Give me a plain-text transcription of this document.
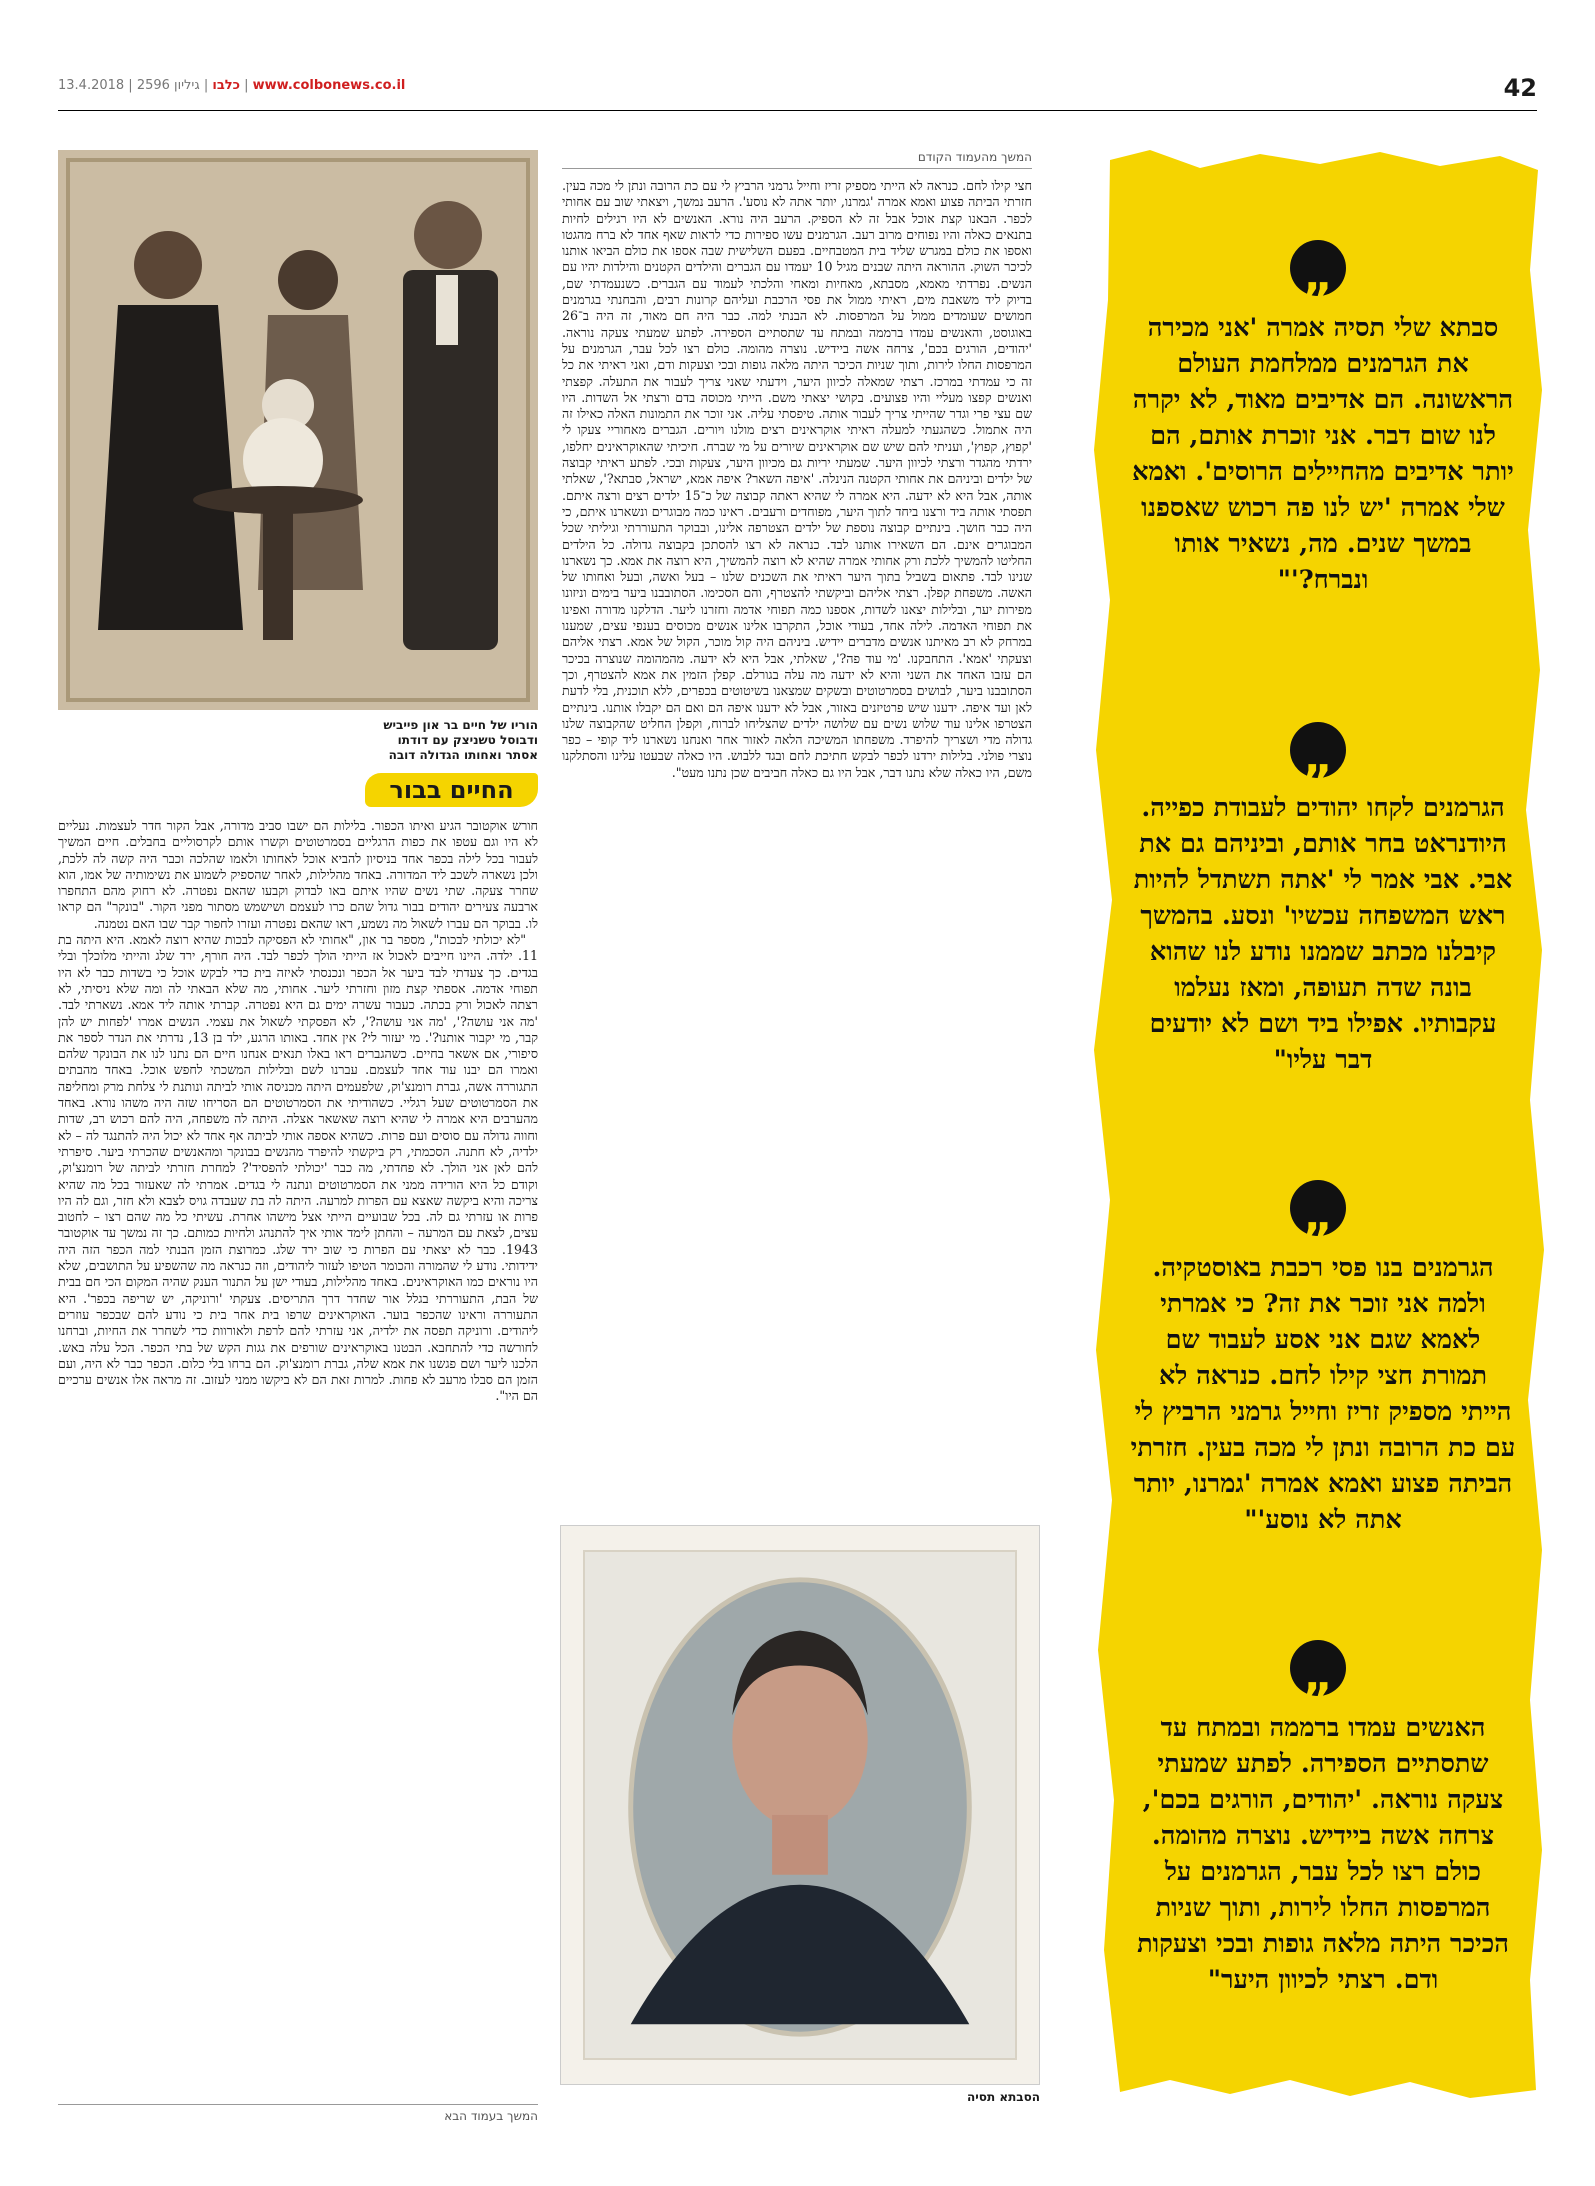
www.colbonews.co.il | כלבו | גיליון 2596 | 13.4.2018	42
הוריו של חיים בר און פייביש
ודבוסל טשניצק עם דודתו
אסתר ואחותו הגדולה דובה
החיים בבור

חורש אוקטובר הגיע ואיתו הכפור. בלילות הם ישבו סביב מדורה, אבל הקור חדר לעצמות. נעליים לא היו וגם עטפו את כפות הרגליים בסמרטוטים וקשרו אותם לקרסוליים בחבלים. חיים המשיך לעבור בכל לילה בכפר אחד בניסיון להביא אוכל לאחותו ולאמו שהלכה וכבר היה קשה לה ללכת, ולכן נשארה לשכב ליד המדורה. באחד מהלילות, לאחר שהספיק לשמוע את נשימותיה של אמו, הוא שחרר צעקה. שתי נשים שהיו איתם באו לבדוק וקבעו שהאם נפטרה. לא רחוק מהם התחפרו ארבעה צעירים יהודים בבור גדול שהם כרו לעצמם ושישמש מסתור מפני הקור. "בונקר" הם קראו לו. בבוקר הם עברו לשאול מה נשמע, ראו שהאם נפטרה ועזרו לחפור קבר שבו האם נטמנה.

"לא יכולתי לבכות", מספר בר און, "אחותי לא הפסיקה לבכות שהיא רוצה לאמא. היא היתה בת 11. ילדה. היינו חייבים לאכול אז הייתי הולך לכפר לבד. היה חורף, ירד שלג והייתי מלוכלך ובלי בגדים. כך צעדתי לבד ביער אל הכפר ונכנסתי לאיזה בית כדי לבקש אוכל כי בשדות כבר לא היו תפוחי אדמה. אספתי קצת מזון וחזרתי ליער. אחותי, מה שלא הבאתי לה ומה שלא ניסיתי, לא רצתה לאכול ורק בכתה. כעבור עשרה ימים גם היא נפטרה. קברתי אותה ליד אמא. נשארתי לבד. 'מה אני עושה?', 'מה אני עושה?', לא הפסקתי לשאול את עצמי. הנשים אמרו 'לפחות יש להן קבר, מי יקבור אותנו?'. מי יעזור לי? אין אחד. באותו הרגע, ילד בן 13, נדרתי את הנדר לספר את סיפורי, אם אשאר בחיים. כשהגברים ראו באלו תנאים אנחנו חיים הם נתנו לנו את הבונקר שלהם ואמרו הם יבנו עוד אחד לעצמם. עברנו לשם ובלילות המשכתי לחפש אוכל. באחד מהבתים התגוררה אשה, גברת רומנצ'וק, שלפעמים היתה מכניסה אותי לביתה ונותנת לי צלחת מרק ומחליפה את הסמרטוטים שעל רגליי. כשהודיתי את הסמרטוטים הם הסריחו שזה היה משהו נורא. באחד מהערבים היא אמרה לי שהיא רוצה שאשאר אצלה. היתה לה משפחה, היה להם רכוש רב, שדות וחווה גדולה עם סוסים ועם פרות. כשהיא אספה אותי לביתה אף אחד לא יכול היה להתנגד לה – לא ילדיה, לא חתנה. הסכמתי, רק ביקשתי להיפרד מהנשים בבונקר ומהאנשים שהכרתי ביער. סיפרתי להם לאן אני הולך. לא פחדתי, מה כבר 'יכולתי להפסיד'? למחרת חזרתי לביתה של רומנצ'וק, וקודם כל היא הורידה ממני את הסמרטוטים ונתנה לי בגדים. אמרתי לה שאעזור בכל מה שהיא צריכה והיא ביקשה שאצא עם הפרות למרעה. היתה לה בת שעבדה גויס לצבא ולא חזר, וגם לה היו פרות או עזרתי גם לה. בכל שבועיים הייתי אצל מישהו אחרת. עשיתי כל מה שהם רצו – לחטוב עצים, לצאת עם המרעה – והחתן לימד אותי איך להתנהג ולחיות כמותם. כך זה נמשך עד אוקטובר 1943. כבר לא יצאתי עם הפרות כי שוב ירד שלג. כמרוצת הזמן הבנתי למה הכפר הזה היה ידידותי. נודע לי שהמורה והכומר הטיפו לעזור ליהודים, וזה כנראה מה שהשפיע על התושבים, שלא היו נוראים כמו האוקראינים. באחד מהלילות, בעודי ישן על התנור הענק שהיה המקום הכי חם בבית של הבת, התעוררתי בגלל אור שחדר דרך התריסים. צעקתי 'ורוניקה, יש שריפה בכפר'. היא התעוררה וראינו שהכפר בוער. האוקראינים שרפו בית אחר בית כי נודע להם שבכפר עוזרים ליהודים. ורוניקה תפסה את ילדיה, אני עזרתי להם לרפת ולאורוות כדי לשחרר את החיות, וברחנו לחורשה כדי להתחבא. הבטנו באוקראינים שורפים את גגות הקש של בתי הכפר. הכל עלה באש. הלכנו ליער ושם פגשנו את אמא שלה, גברת רומנצ'וק. הם ברחו בלי כלום. הכפר כבר לא היה, ועם הזמן הם סבלו מרעב לא פחות. למרות זאת הם לא ביקשו ממני לעזוב. זה מראה אלו אנשים ערכיים הם היו".

המשך בעמוד הבא
המשך מהעמוד הקודם

חצי קילו לחם. כנראה לא הייתי מספיק זריז וחייל גרמני הרביץ לי עם כת הרובה ונתן לי מכה בעין. חזרתי הביתה פצוע ואמא אמרה 'גמרנו, יותר אתה לא נוסע'. הרעב נמשך, ויצאתי שוב עם אחותי לכפר. הבאנו קצת אוכל אבל זה לא הספיק. הרעב היה נורא. האנשים לא היו רגילים לחיות בתנאים כאלה והיו נפוחים מרוב רעב. הגרמנים עשו ספירות כדי לראות שאף אחד לא ברח מהגטו ואספו את כולם במגרש שליד בית המטבחיים. בפעם השלישית שבה אספו את כולם הביאו אותנו לכיכר השוק. ההוראה היתה שבנים מגיל 10 יעמדו עם הגברים והילדים הקטנים והילדות יהיו עם הנשים. נפרדתי מאמא, מסבתא, מאחיות ומאחי והלכתי לעמוד עם הגברים. כשנעמדתי שם, בדיוק ליד משאבת מים, ראיתי ממול את פסי הרכבת ועליהם קרונות רבים, והבחנתי בגרמנים חמושים שעומדים ממול על המרפסות. לא הבנתי למה. כבר היה חם מאוד, זה היה ב־26 באוגוסט, והאנשים עמדו ברממה ובמתח עד שתסתיים הספירה. לפתע שמעתי צעקה נוראה. 'יהודים, הורגים בכם', צרחה אשה ביידיש. נוצרה מהומה. כולם רצו לכל עבר, הגרמנים על המרפסות החלו לירות, ותוך שניות הכיכר היתה מלאה גופות ובכי וצעקות ודם, ואני ראיתי את כל זה כי עמדתי במרכז. רצתי שמאלה לכיוון היער, וידעתי שאני צריך לעבור את התעלה. קפצתי ואנשים קפצו מעליי והיו פצועים. בקושי יצאתי משם. הייתי מכוסה בדם ורצתי אל השדות. היו שם עצי פרי וגדר שהייתי צריך לעבור אותה. טיפסתי עליה. אני זוכר את התמונות האלה כאילו זה היה אתמול. כשהגעתי למעלה ראיתי אוקראינים רצים מולנו ויורים. הגברים מאחוריי צעקו לי 'קפוץ, קפוץ', ועניתי להם שיש שם אוקראינים שיורים על מי שברח. חיכיתי שהאוקראינים יחלפו, ירדתי מהגדר ורצתי לכיוון היער. שמעתי יריות גם מכיוון היער, צעקות ובכי. לפתע ראיתי קבוצה של ילדים וביניהם את אחותי הקטנה הנינלה. 'איפה השאר? איפה אמא, ישראל, סבתא?', שאלתי אותה, אבל היא לא ידעה. היא אמרה לי שהיא ראתה קבוצה של כ־15 ילדים רצים ורצה איתם. תפסתי אותה ביד ורצנו ביחד לתוך היער, מפוחדים ורעבים. ראינו כמה מבוגרים ונשארנו איתם, כי היה כבר חושך. בינתיים קבוצה נוספת של ילדים הצטרפה אלינו, ובבוקר התעוררתי וגיליתי שכל המבוגרים אינם. הם השאירו אותנו לבד. כנראה לא רצו להסתכן בקבוצה גדולה. כל הילדים החליטו להמשיך ללכת ורק אחותי אמרה שהיא לא רוצה להמשיך, היא רוצה את אמא. כך נשארנו שנינו לבד. פתאום בשביל בתוך היער ראיתי את השכנים שלנו – בעל ואשה, ובעל ואחותו של האשה. משפחת קפלן. רצתי אליהם וביקשתי להצטרף, והם הסכימו. הסתובבנו ביער בימים וניזונו מפירות יער, ובלילות יצאנו לשדות, אספנו כמה תפוחי אדמה וחזרנו ליער. הדלקנו מדורה ואפינו את תפוחי האדמה. לילה אחד, בעודי אוכל, התקרבו אלינו אנשים מכוסים בענפי עצים, שמענו במרחק לא רב מאיתנו אנשים מדברים יידיש. ביניהם היה קול מוכר, הקול של אמא. רצתי אליהם וצעקתי 'אמא'. התחבקנו. 'מי עוד פה?', שאלתי, אבל היא לא ידעה. מהמהומה שנוצרה בכיכר הם עזבו האחד את השני והיא לא ידעה מה עלה בגורלם. קפלן הזמין את אמא להצטרף, וכך הסתובבנו ביער, לבושים בסמרטוטים ובשקים שמצאנו בשיטוטים בכפרים, ללא תוכנית, בלי לדעת לאן ועד איפה. ידענו שיש פרטיזנים באזור, אבל לא ידענו איפה הם ואם הם יקבלו אותנו. בינתיים הצטרפו אלינו עוד שלוש נשים עם שלושה ילדים שהצליחו לברוח, וקפלן החליט שהקבוצה שלנו גדולה מדי ושצריך להיפרד. משפחתו המשיכה הלאה לאזור אחר ואנחנו נשארנו ליד קופי – כפר נוצרי פולני. בלילות ירדנו לכפר לבקש חתיכת לחם ובגד ללבוש. היו כאלה שבעטו עלינו והסתלקנו משם, היו כאלה שלא נתנו דבר, אבל היו גם כאלה חביבים שכן נתנו מעט".

הסבתא תסיה
„
סבתא שלי תסיה אמרה 'אני מכירה את הגרמנים ממלחמת העולם הראשונה. הם אדיבים מאוד, לא יקרה לנו שום דבר. אני זוכרת אותם, הם יותר אדיבים מהחיילים הרוסים'. ואמא שלי אמרה 'יש לנו פה רכוש שאספנו במשך שנים. מה, נשאיר אותו ונברח?'"
„
הגרמנים לקחו יהודים לעבודת כפייה. היודנראט בחר אותם, וביניהם גם את אבי. אבי אמר לי 'אתה תשתדל להיות ראש המשפחה עכשיו' ונסע. בהמשך קיבלנו מכתב שממנו נודע לנו שהוא בונה שדה תעופה, ומאז נעלמו עקבותיו. אפילו ביד ושם לא יודעים דבר עליו"
„
הגרמנים בנו פסי רכבת באוסטקיה. ולמה אני זוכר את זה? כי אמרתי לאמא שגם אני אסע לעבוד שם תמורת חצי קילו לחם. כנראה לא הייתי מספיק זריז וחייל גרמני הרביץ לי עם כת הרובה ונתן לי מכה בעין. חזרתי הביתה פצוע ואמא אמרה 'גמרנו, יותר אתה לא נוסע'"
„
האנשים עמדו ברממה ובמתח עד שתסתיים הספירה. לפתע שמעתי צעקה נוראה. 'יהודים, הורגים בכם', צרחה אשה ביידיש. נוצרה מהומה. כולם רצו לכל עבר, הגרמנים על המרפסות החלו לירות, ותוך שניות הכיכר היתה מלאה גופות ובכי וצעקות ודם. רצתי לכיוון היער"
